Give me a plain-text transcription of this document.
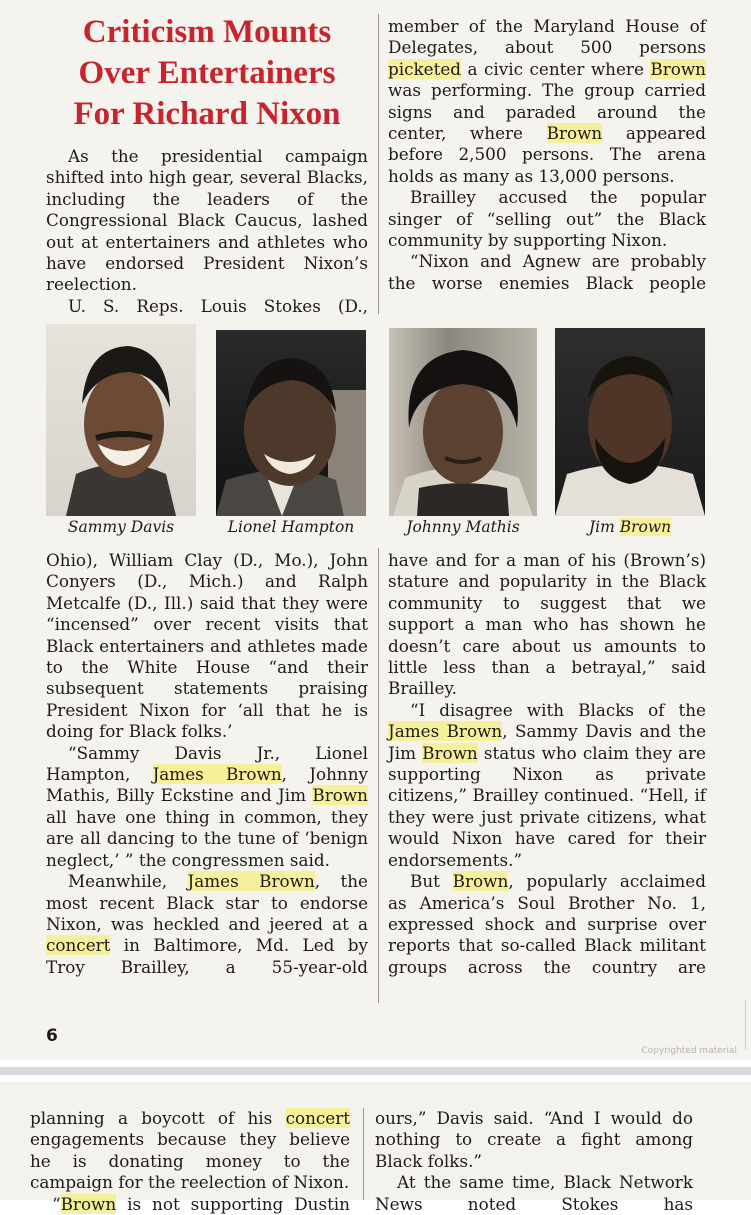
Criticism Mounts
Over Entertainers
For Richard Nixon

As the presidential campaign shifted into high gear, several Blacks, including the leaders of the Congressional Black Caucus, lashed out at entertainers and athletes who have endorsed President Nixon’s reelection.

U. S. Reps. Louis Stokes (D.,

member of the Maryland House of Delegates, about 500 persons picketed a civic center where Brown was performing. The group carried signs and paraded around the center, where Brown appeared before 2,500 persons. The arena holds as many as 13,000 persons.

Brailley accused the popular singer of “selling out” the Black community by supporting Nixon.

“Nixon and Agnew are probably the worse enemies Black people

Sammy Davis	Lionel Hampton	Johnny Mathis	Jim Brown

Ohio), William Clay (D., Mo.), John Conyers (D., Mich.) and Ralph Metcalfe (D., Ill.) said that they were “incensed” over recent visits that Black entertainers and athletes made to the White House “and their subsequent statements praising President Nixon for ‘all that he is doing for Black folks.’

“Sammy Davis Jr., Lionel Hampton, James Brown, Johnny Mathis, Billy Eckstine and Jim Brown all have one thing in common, they are all dancing to the tune of ‘benign neglect,’ ” the congressmen said.

Meanwhile, James Brown, the most recent Black star to endorse Nixon, was heckled and jeered at a concert in Baltimore, Md. Led by Troy Brailley, a 55-year-old

have and for a man of his (Brown’s) stature and popularity in the Black community to suggest that we support a man who has shown he doesn’t care about us amounts to little less than a betrayal,” said Brailley.

“I disagree with Blacks of the James Brown, Sammy Davis and the Jim Brown status who claim they are supporting Nixon as private citizens,” Brailley continued. “Hell, if they were just private citizens, what would Nixon have cared for their endorsements.”

But Brown, popularly acclaimed as America’s Soul Brother No. 1, expressed shock and surprise over reports that so-called Black militant groups across the country are

6
Copyrighted material

planning a boycott of his concert engagements because they believe he is donating money to the campaign for the reelection of Nixon.

“Brown is not supporting Dustin

ours,” Davis said. “And I would do nothing to create a fight among Black folks.”

At the same time, Black Network News noted Stokes has
